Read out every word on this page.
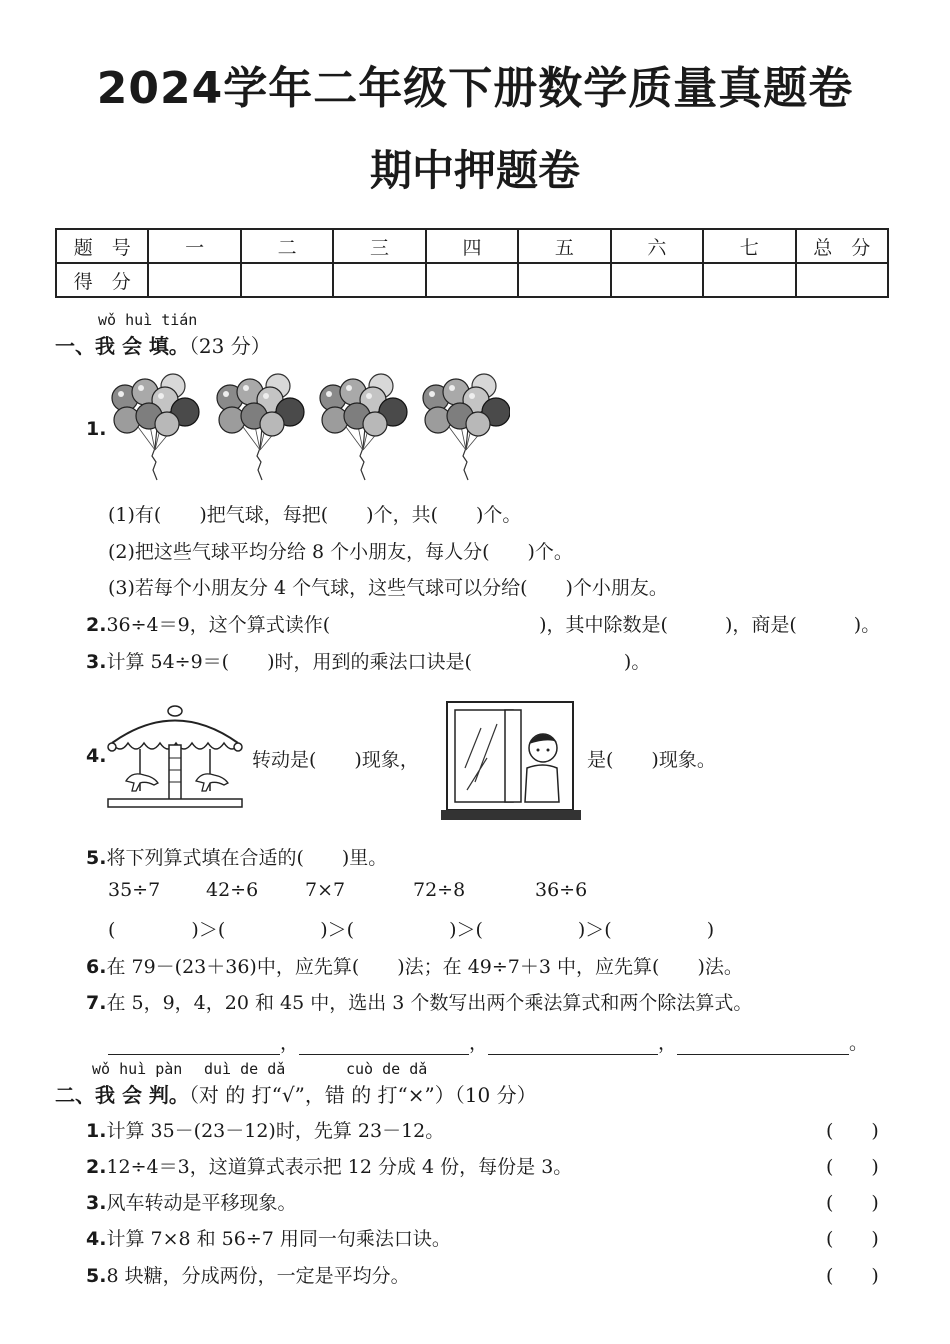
2024学年二年级下册数学质量真题卷
期中押题卷
题　号	一	二	三	四	五	六	七	总　分
得　分								
wǒ huì tián
一、我 会 填。（23 分）
1.
(1)有(　　)把气球，每把(　　)个，共(　　)个。
(2)把这些气球平均分给 8 个小朋友，每人分(　　)个。
(3)若每个小朋友分 4 个气球，这些气球可以分给(　　)个小朋友。
2.36÷4＝9，这个算式读作(　　　　　　　　　　　)，其中除数是(　　　)，商是(　　　)。
3.计算 54÷9＝(　　)时，用到的乘法口诀是(　　　　　　　　)。
4.	转动是(　　)现象，	是(　　)现象。
5.将下列算式填在合适的(　　)里。
35÷7 42÷6 7×7	72÷8	36÷6
(　　　　)＞(　　　　　)＞(　　　　　)＞(　　　　　)＞(　　　　　)
6.在 79－(23＋36)中，应先算(　　)法；在 49÷7＋3 中，应先算(　　)法。
7.在 5，9，4，20 和 45 中，选出 3 个数写出两个乘法算式和两个除法算式。
，	，	，	。
wǒ huì pàn duì de dǎ	cuò de dǎ
二、我 会 判。（对 的 打“√”，错 的 打“×”）（10 分）
1.计算 35－(23－12)时，先算 23－12。	(　　)
2.12÷4＝3，这道算式表示把 12 分成 4 份，每份是 3。	(　　)
3.风车转动是平移现象。	(　　)
4.计算 7×8 和 56÷7 用同一句乘法口诀。	(　　)
5.8 块糖，分成两份，一定是平均分。	(　　)
